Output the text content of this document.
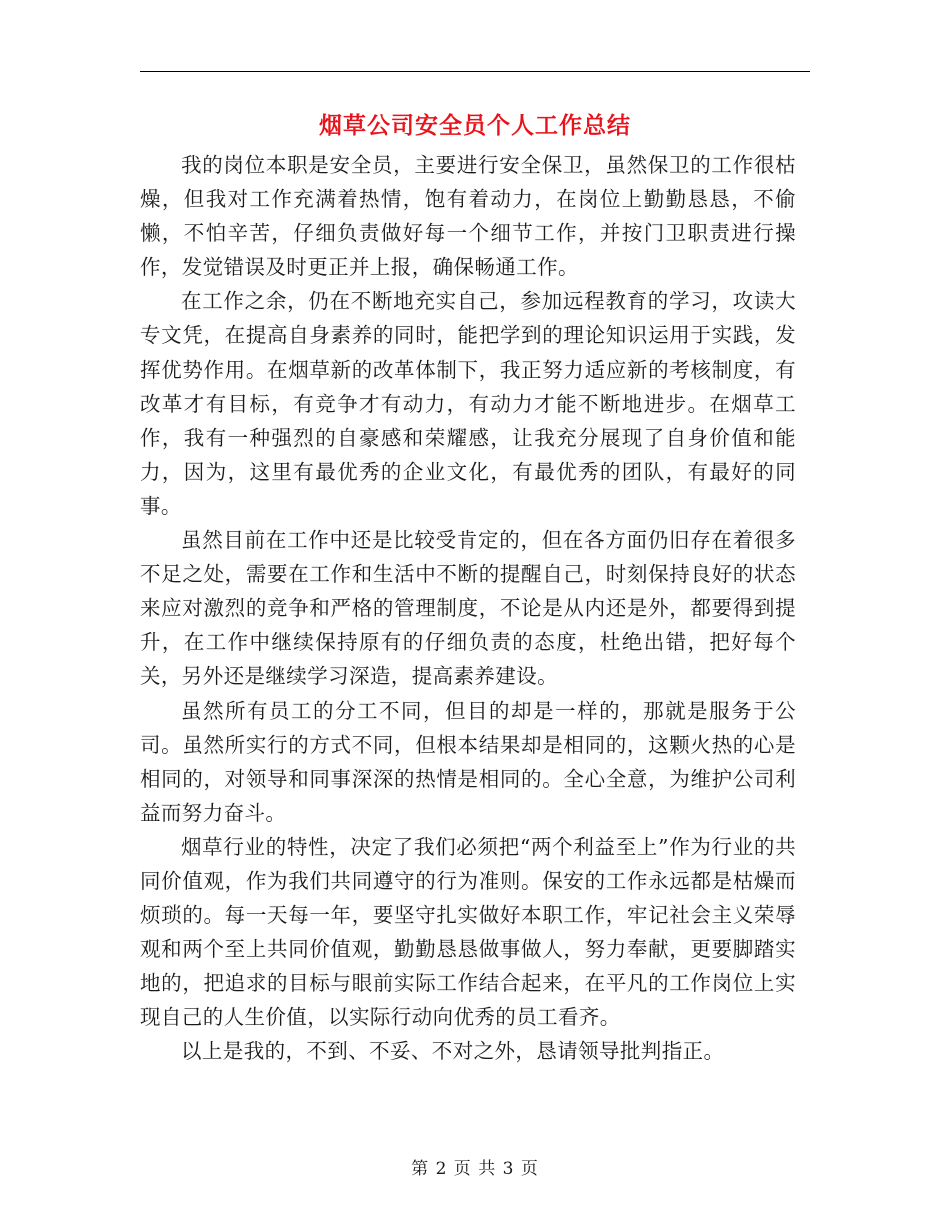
烟草公司安全员个人工作总结

我的岗位本职是安全员，主要进行安全保卫，虽然保卫的工作很枯燥，但我对工作充满着热情，饱有着动力，在岗位上勤勤恳恳，不偷懒，不怕辛苦，仔细负责做好每一个细节工作，并按门卫职责进行操作，发觉错误及时更正并上报，确保畅通工作。

在工作之余，仍在不断地充实自己，参加远程教育的学习，攻读大专文凭，在提高自身素养的同时，能把学到的理论知识运用于实践，发挥优势作用。在烟草新的改革体制下，我正努力适应新的考核制度，有改革才有目标，有竞争才有动力，有动力才能不断地进步。在烟草工作，我有一种强烈的自豪感和荣耀感，让我充分展现了自身价值和能力，因为，这里有最优秀的企业文化，有最优秀的团队，有最好的同事。

虽然目前在工作中还是比较受肯定的，但在各方面仍旧存在着很多不足之处，需要在工作和生活中不断的提醒自己，时刻保持良好的状态来应对激烈的竞争和严格的管理制度，不论是从内还是外，都要得到提升，在工作中继续保持原有的仔细负责的态度，杜绝出错，把好每个关，另外还是继续学习深造，提高素养建设。

虽然所有员工的分工不同，但目的却是一样的，那就是服务于公司。虽然所实行的方式不同，但根本结果却是相同的，这颗火热的心是相同的，对领导和同事深深的热情是相同的。全心全意，为维护公司利益而努力奋斗。

烟草行业的特性，决定了我们必须把“两个利益至上”作为行业的共同价值观，作为我们共同遵守的行为准则。保安的工作永远都是枯燥而烦琐的。每一天每一年，要坚守扎实做好本职工作，牢记社会主义荣辱观和两个至上共同价值观，勤勤恳恳做事做人，努力奉献，更要脚踏实地的，把追求的目标与眼前实际工作结合起来，在平凡的工作岗位上实现自己的人生价值，以实际行动向优秀的员工看齐。

以上是我的，不到、不妥、不对之外，恳请领导批判指正。

第 2 页 共 3 页
